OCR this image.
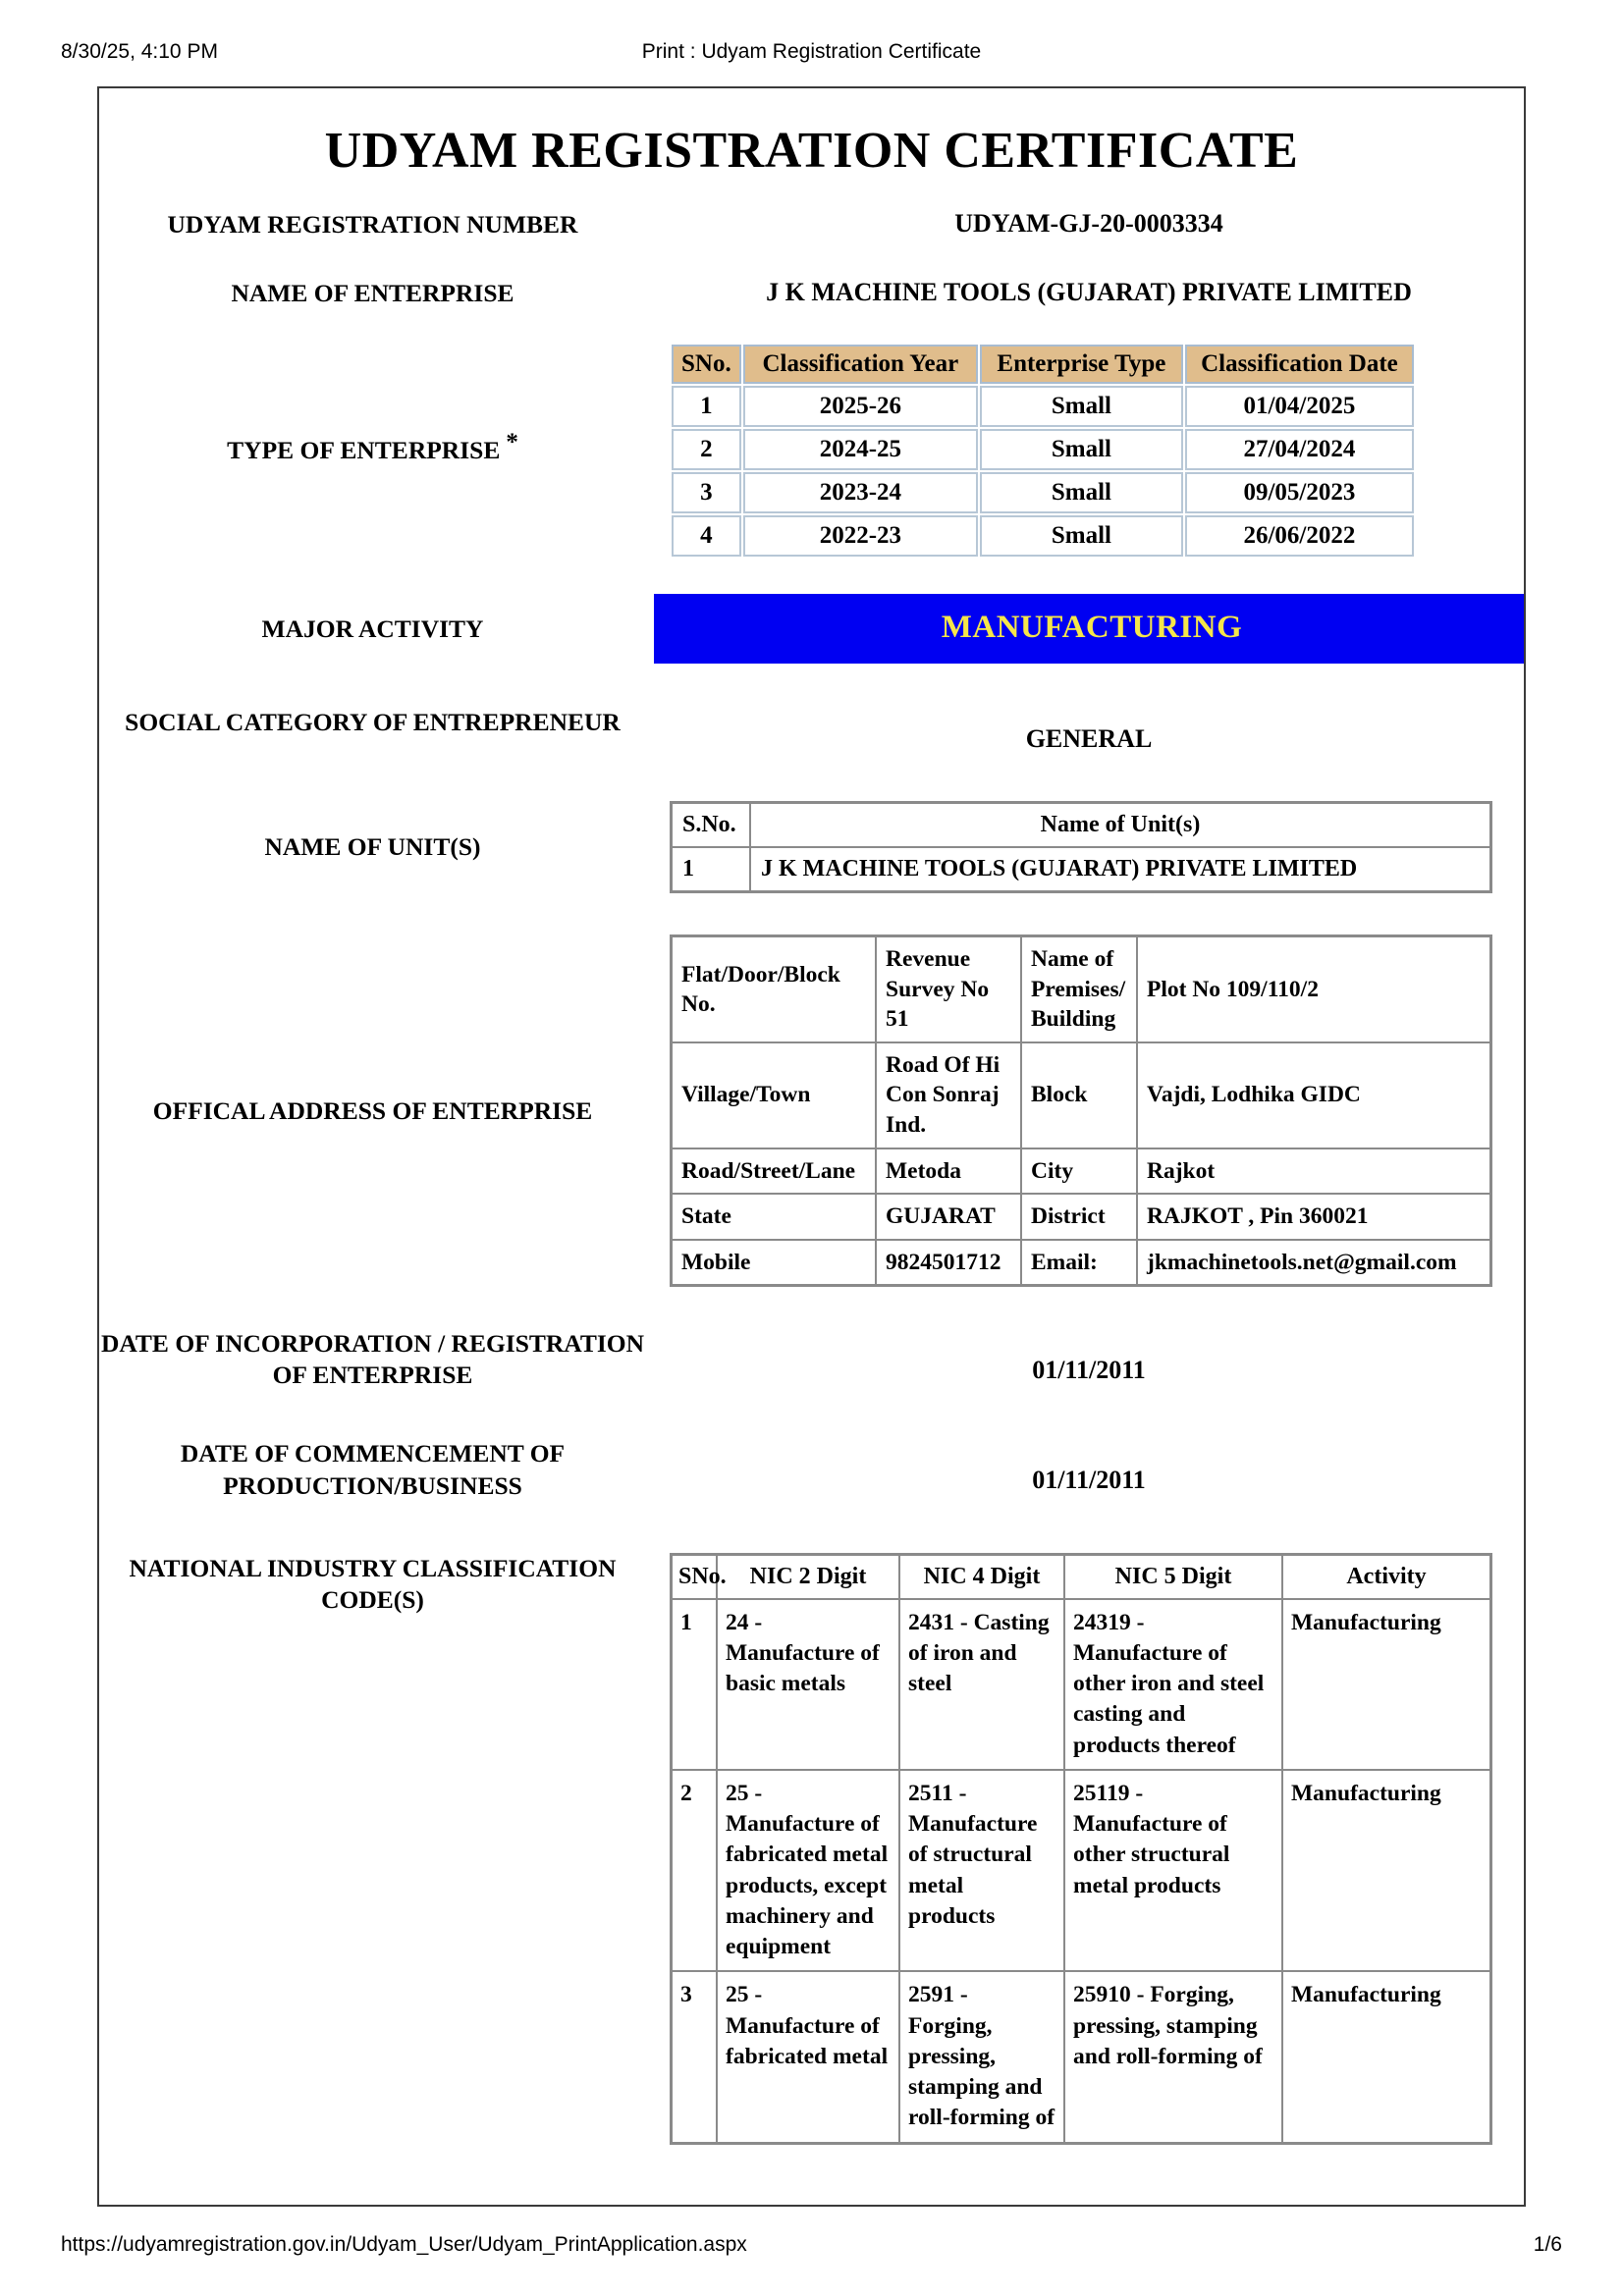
8/30/25, 4:10 PM	Print : Udyam Registration Certificate
UDYAM REGISTRATION CERTIFICATE
UDYAM REGISTRATION NUMBER	UDYAM-GJ-20-0003334
NAME OF ENTERPRISE	J K MACHINE TOOLS (GUJARAT) PRIVATE LIMITED
TYPE OF ENTERPRISE *
SNo.	Classification Year	Enterprise Type	Classification Date
1	2025-26	Small	01/04/2025
2	2024-25	Small	27/04/2024
3	2023-24	Small	09/05/2023
4	2022-23	Small	26/06/2022
MAJOR ACTIVITY	MANUFACTURING
SOCIAL CATEGORY OF ENTREPRENEUR
GENERAL
NAME OF UNIT(S)
S.No.	Name of Unit(s)
1	J K MACHINE TOOLS (GUJARAT) PRIVATE LIMITED
OFFICAL ADDRESS OF ENTERPRISE
Flat/Door/Block No.	Revenue Survey No 51	Name of Premises/ Building	Plot No 109/110/2
Village/Town	Road Of Hi Con Sonraj Ind.	Block	Vajdi, Lodhika GIDC
Road/Street/Lane	Metoda	City	Rajkot
State	GUJARAT	District	RAJKOT , Pin 360021
Mobile	9824501712	Email:	jkmachinetools.net@gmail.com
DATE OF INCORPORATION / REGISTRATION OF ENTERPRISE	01/11/2011
DATE OF COMMENCEMENT OF PRODUCTION/BUSINESS	01/11/2011
NATIONAL INDUSTRY CLASSIFICATION CODE(S)
SNo.	NIC 2 Digit	NIC 4 Digit	NIC 5 Digit	Activity
1	24 - Manufacture of basic metals	2431 - Casting of iron and steel	24319 - Manufacture of other iron and steel casting and products thereof	Manufacturing
2	25 - Manufacture of fabricated metal products, except machinery and equipment	2511 - Manufacture of structural metal products	25119 - Manufacture of other structural metal products	Manufacturing
3	25 - Manufacture of fabricated metal	2591 - Forging, pressing, stamping and roll-forming of	25910 - Forging, pressing, stamping and roll-forming of	Manufacturing
https://udyamregistration.gov.in/Udyam_User/Udyam_PrintApplication.aspx	1/6
